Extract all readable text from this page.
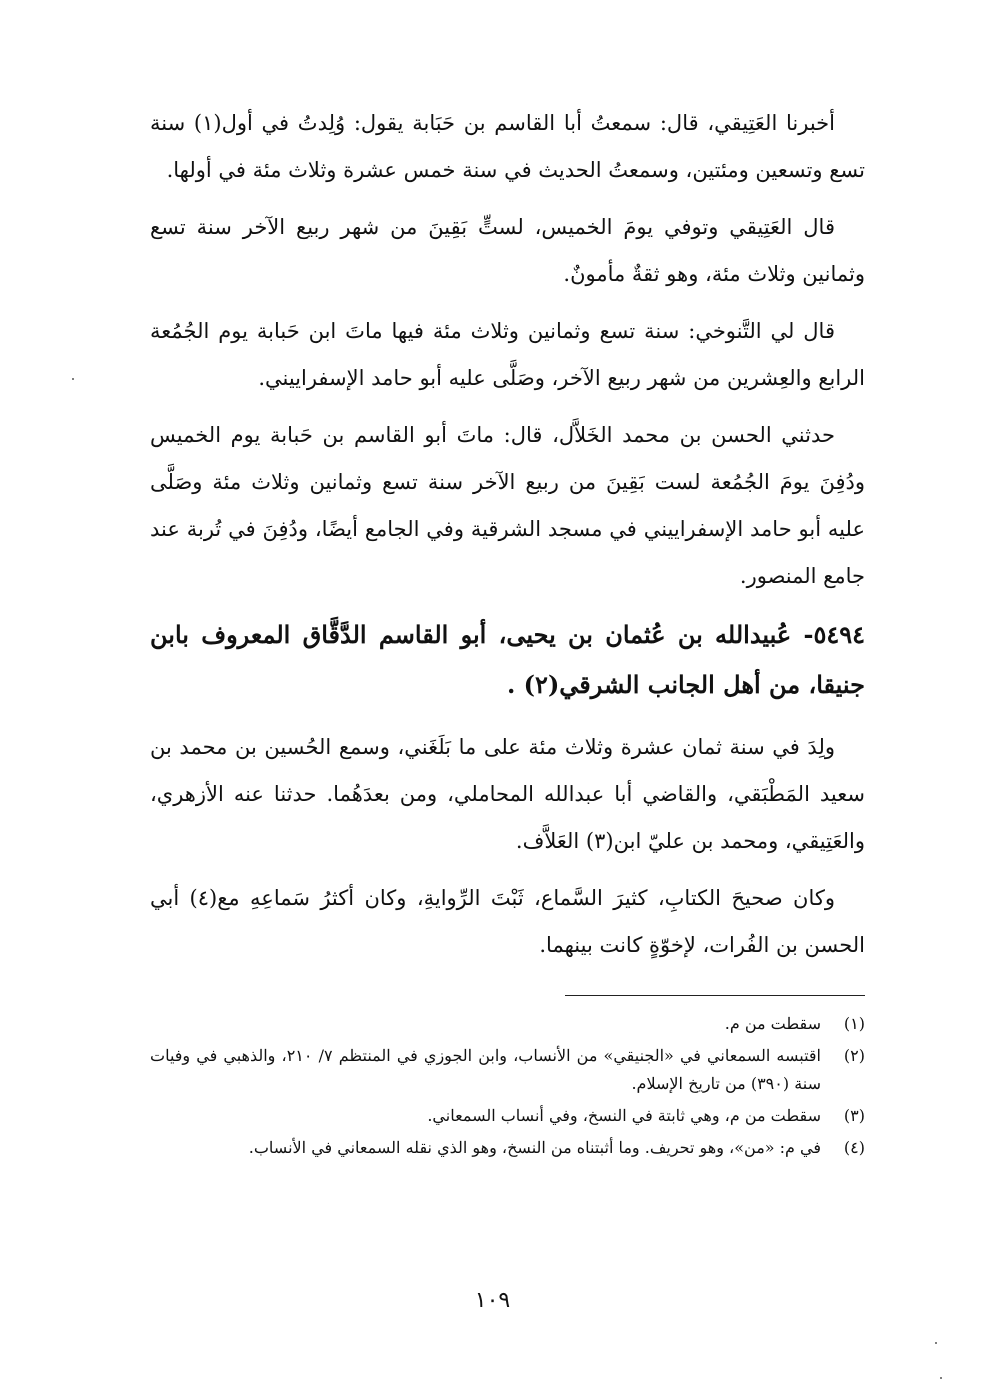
أخبرنا العَتِيقي، قال: سمعتُ أبا القاسم بن حَبَابة يقول: وُلِدتُ في أول(١) سنة تسع وتسعين ومئتين، وسمعتُ الحديث في سنة خمس عشرة وثلاث مئة في أولها.

قال العَتِيقي وتوفي يومَ الخميس، لستٍّ بَقِينَ من شهر ربيع الآخر سنة تسع وثمانين وثلاث مئة، وهو ثقةٌ مأمونٌ.

قال لي التَّنوخي: سنة تسع وثمانين وثلاث مئة فيها ماتَ ابن حَبابة يوم الجُمُعة الرابع والعِشرين من شهر ربيع الآخر، وصَلَّى عليه أبو حامد الإسفراييني.

حدثني الحسن بن محمد الخَلاَّل، قال: ماتَ أبو القاسم بن حَبابة يوم الخميس ودُفِنَ يومَ الجُمُعة لست بَقِينَ من ربيع الآخر سنة تسع وثمانين وثلاث مئة وصَلَّى عليه أبو حامد الإسفراييني في مسجد الشرقية وفي الجامع أيضًا، ودُفِنَ في تُربة عند جامع المنصور.

٥٤٩٤- عُبيدالله بن عُثمان بن يحيى، أبو القاسم الدَّقَّاق المعروف بابن جنيقا، من أهل الجانب الشرقي(٢) .

ولِدَ في سنة ثمان عشرة وثلاث مئة على ما بَلَغَني، وسمع الحُسين بن محمد بن سعيد المَطْبَقي، والقاضي أبا عبدالله المحاملي، ومن بعدَهُما. حدثنا عنه الأزهري، والعَتِيقي، ومحمد بن عليّ ابن(٣) العَلاَّف.

وكان صحيحَ الكتابِ، كثيرَ السَّماع، ثَبْتَ الرِّوايةِ، وكان أكثرُ سَماعِهِ مع(٤) أبي الحسن بن الفُرات، لإخوّةٍ كانت بينهما.

(١)
سقطت من م.
(٢)
اقتبسه السمعاني في «الجنيقي» من الأنساب، وابن الجوزي في المنتظم ٧/ ٢١٠، والذهبي في وفيات سنة (٣٩٠) من تاريخ الإسلام.
(٣)
سقطت من م، وهي ثابتة في النسخ، وفي أنساب السمعاني.
(٤)
في م: «من»، وهو تحريف. وما أثبتناه من النسخ، وهو الذي نقله السمعاني في الأنساب.
١٠٩
